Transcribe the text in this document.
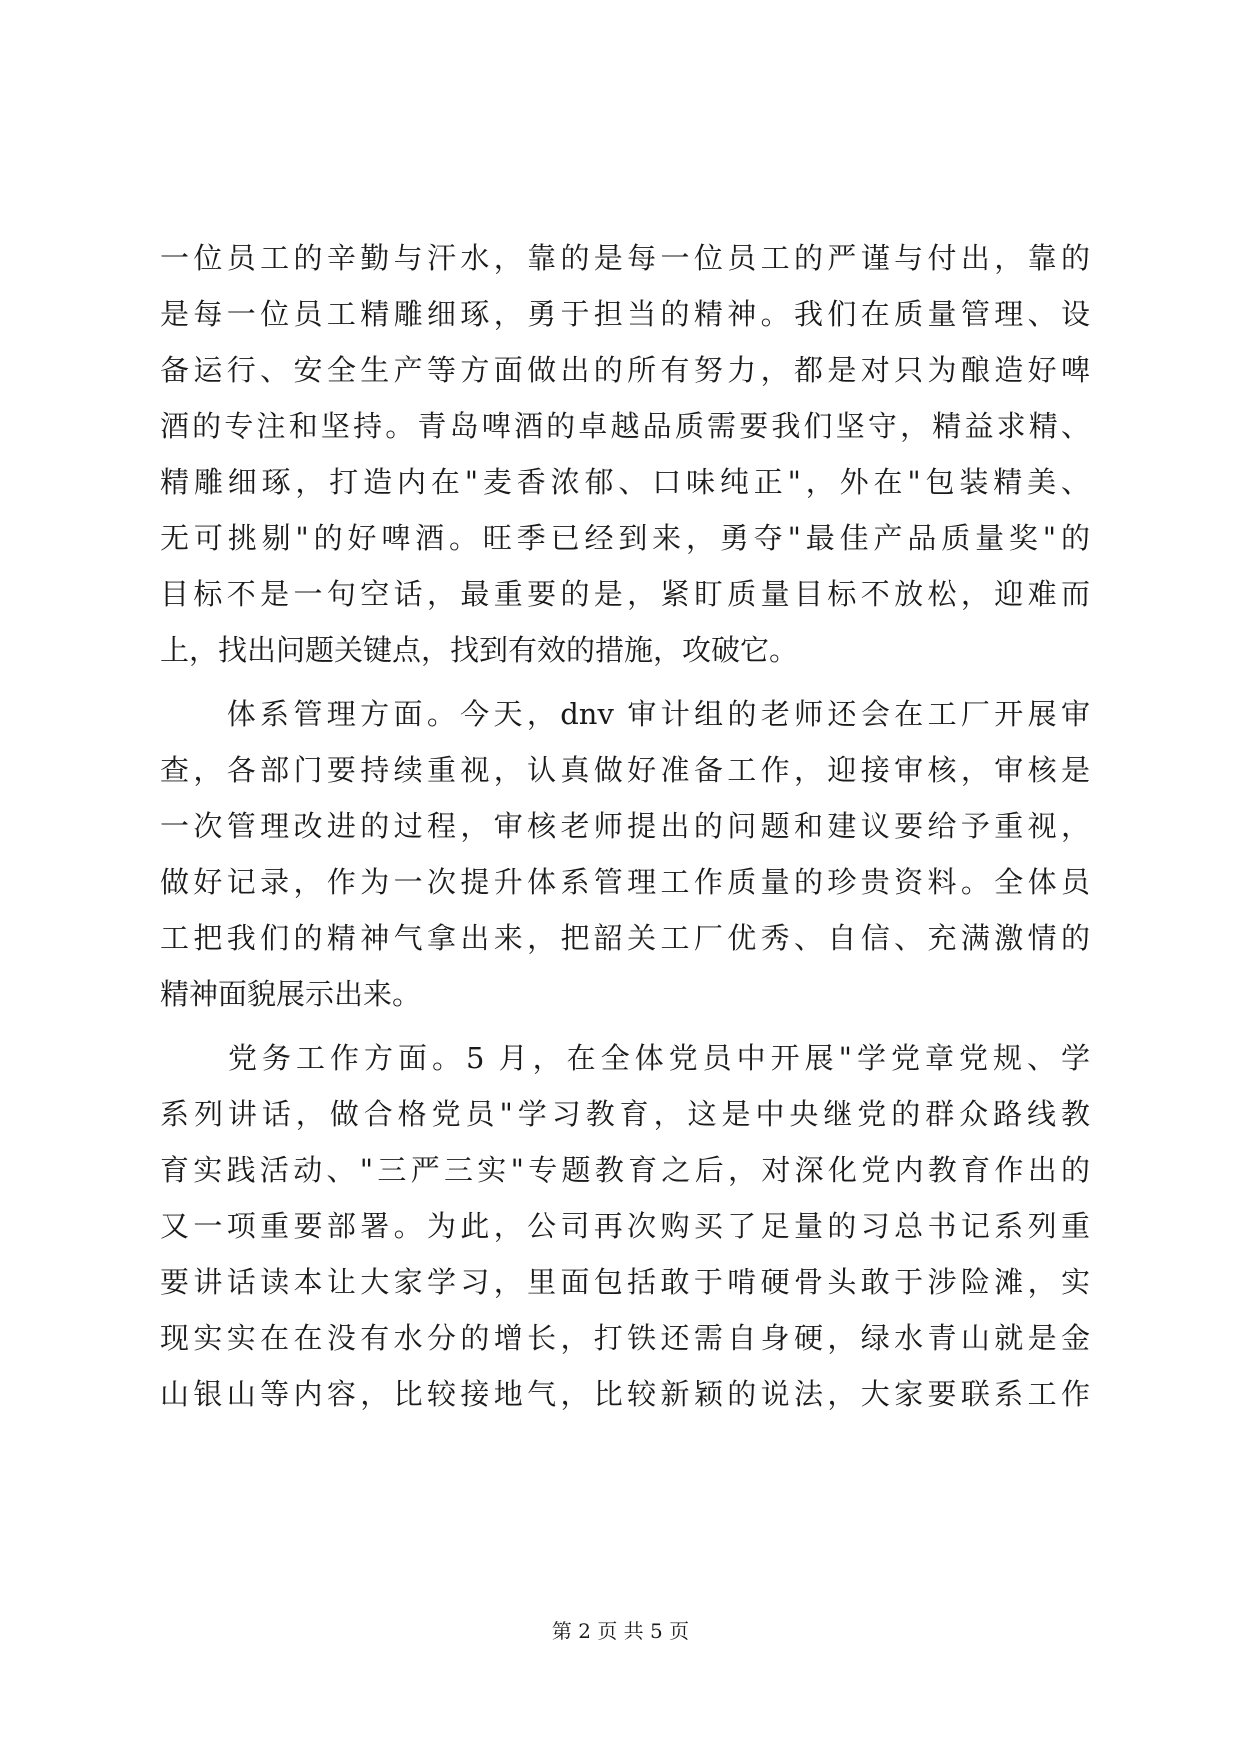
一位员工的辛勤与汗水，靠的是每一位员工的严谨与付出，靠的
是每一位员工精雕细琢，勇于担当的精神。我们在质量管理、设
备运行、安全生产等方面做出的所有努力，都是对只为酿造好啤
酒的专注和坚持。青岛啤酒的卓越品质需要我们坚守，精益求精、
精雕细琢，打造内在"麦香浓郁、口味纯正"，外在"包装精美、
无可挑剔"的好啤酒。旺季已经到来，勇夺"最佳产品质量奖"的
目标不是一句空话，最重要的是，紧盯质量目标不放松，迎难而
上，找出问题关键点，找到有效的措施，攻破它。
　　体系管理方面。今天，dnv 审计组的老师还会在工厂开展审
查，各部门要持续重视，认真做好准备工作，迎接审核，审核是
一次管理改进的过程，审核老师提出的问题和建议要给予重视，
做好记录，作为一次提升体系管理工作质量的珍贵资料。全体员
工把我们的精神气拿出来，把韶关工厂优秀、自信、充满激情的
精神面貌展示出来。
　　党务工作方面。5 月，在全体党员中开展"学党章党规、学
系列讲话，做合格党员"学习教育，这是中央继党的群众路线教
育实践活动、"三严三实"专题教育之后，对深化党内教育作出的
又一项重要部署。为此，公司再次购买了足量的习总书记系列重
要讲话读本让大家学习，里面包括敢于啃硬骨头敢于涉险滩，实
现实实在在没有水分的增长，打铁还需自身硬，绿水青山就是金
山银山等内容，比较接地气，比较新颖的说法，大家要联系工作
第 2 页 共 5 页
